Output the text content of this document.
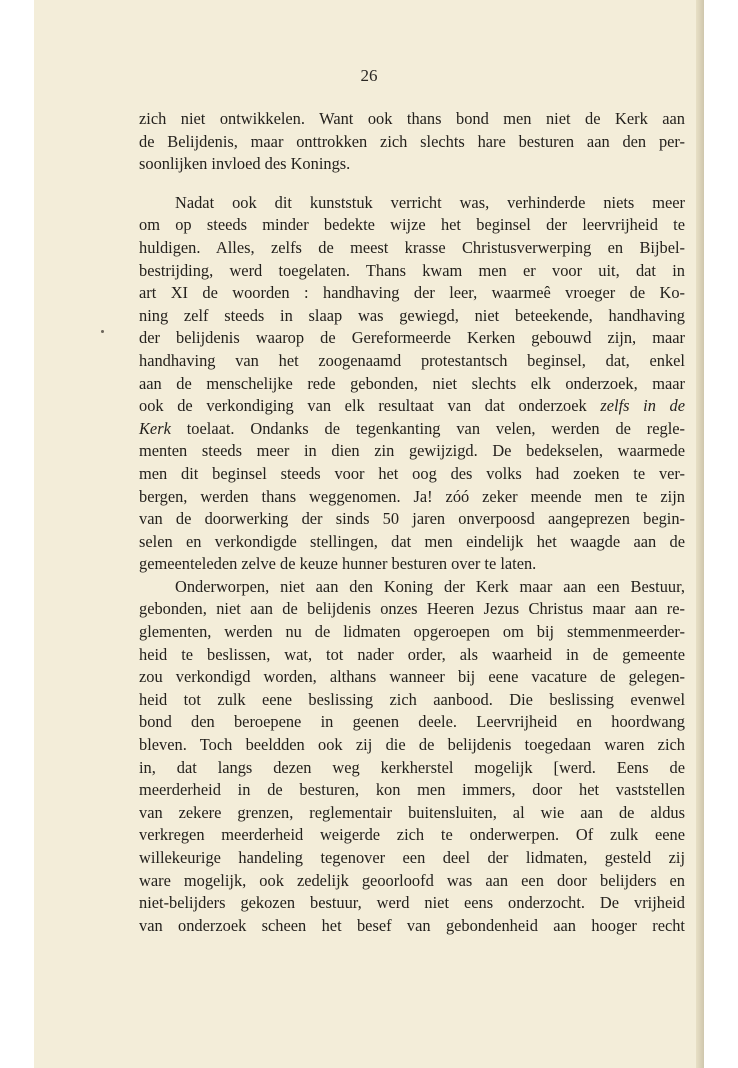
26

zich niet ontwikkelen. Want ook thans bond men niet de Kerk aan
de Belijdenis, maar onttrokken zich slechts hare besturen aan den per-
soonlijken invloed des Konings.

Nadat ook dit kunststuk verricht was, verhinderde niets meer
om op steeds minder bedekte wijze het beginsel der leervrijheid te
huldigen. Alles, zelfs de meest krasse Christusverwerping en Bijbel-
bestrijding, werd toegelaten. Thans kwam men er voor uit, dat in
art XI de woorden : handhaving der leer, waarmeê vroeger de Ko-
ning zelf steeds in slaap was gewiegd, niet beteekende, handhaving
der belijdenis waarop de Gereformeerde Kerken gebouwd zijn, maar
handhaving van het zoogenaamd protestantsch beginsel, dat, enkel
aan de menschelijke rede gebonden, niet slechts elk onderzoek, maar
ook de verkondiging van elk resultaat van dat onderzoek zelfs in de
Kerk toelaat. Ondanks de tegenkanting van velen, werden de regle-
menten steeds meer in dien zin gewijzigd. De bedekselen, waarmede
men dit beginsel steeds voor het oog des volks had zoeken te ver-
bergen, werden thans weggenomen. Ja! zóó zeker meende men te zijn
van de doorwerking der sinds 50 jaren onverpoosd aangeprezen begin-
selen en verkondigde stellingen, dat men eindelijk het waagde aan de
gemeenteleden zelve de keuze hunner besturen over te laten.

Onderworpen, niet aan den Koning der Kerk maar aan een Bestuur,
gebonden, niet aan de belijdenis onzes Heeren Jezus Christus maar aan re-
glementen, werden nu de lidmaten opgeroepen om bij stemmenmeerder-
heid te beslissen, wat, tot nader order, als waarheid in de gemeente
zou verkondigd worden, althans wanneer bij eene vacature de gelegen-
heid tot zulk eene beslissing zich aanbood. Die beslissing evenwel
bond den beroepene in geenen deele. Leervrijheid en hoordwang
bleven. Toch beeldden ook zij die de belijdenis toegedaan waren zich
in, dat langs dezen weg kerkherstel mogelijk [werd. Eens de
meerderheid in de besturen, kon men immers, door het vaststellen
van zekere grenzen, reglementair buitensluiten, al wie aan de aldus
verkregen meerderheid weigerde zich te onderwerpen. Of zulk eene
willekeurige handeling tegenover een deel der lidmaten, gesteld zij
ware mogelijk, ook zedelijk geoorloofd was aan een door belijders en
niet-belijders gekozen bestuur, werd niet eens onderzocht. De vrijheid
van onderzoek scheen het besef van gebondenheid aan hooger recht
